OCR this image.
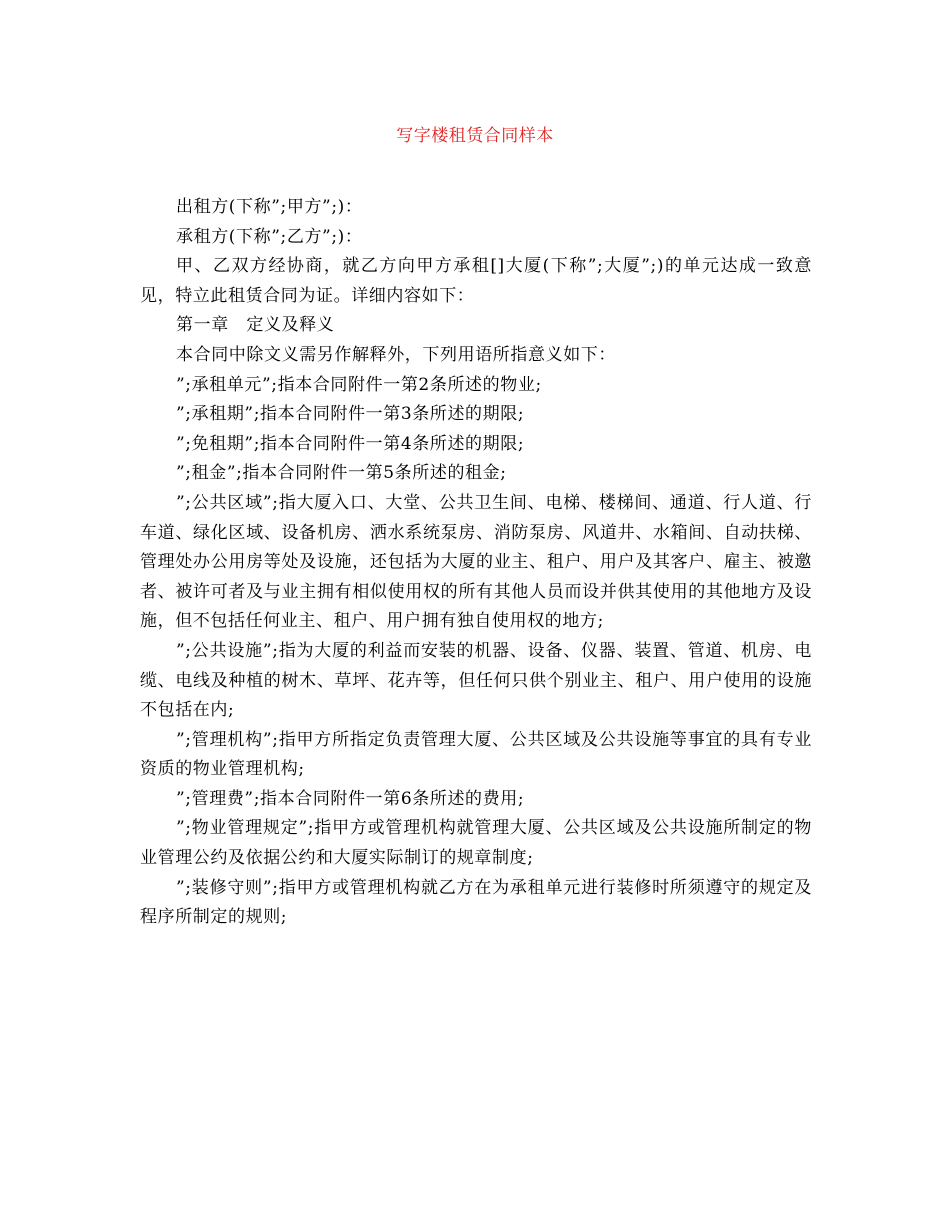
写字楼租赁合同样本

出租方(下称”;甲方”;)：

承租方(下称”;乙方”;)：

甲、乙双方经协商，就乙方向甲方承租[]大厦(下称”;大厦”;)的单元达成一致意见，特立此租赁合同为证。详细内容如下：

第一章　定义及释义

本合同中除文义需另作解释外，下列用语所指意义如下：

”;承租单元”;指本合同附件一第2条所述的物业;

”;承租期”;指本合同附件一第3条所述的期限;

”;免租期”;指本合同附件一第4条所述的期限;

”;租金”;指本合同附件一第5条所述的租金;

”;公共区域”;指大厦入口、大堂、公共卫生间、电梯、楼梯间、通道、行人道、行车道、绿化区域、设备机房、洒水系统泵房、消防泵房、风道井、水箱间、自动扶梯、管理处办公用房等处及设施，还包括为大厦的业主、租户、用户及其客户、雇主、被邀者、被许可者及与业主拥有相似使用权的所有其他人员而设并供其使用的其他地方及设施，但不包括任何业主、租户、用户拥有独自使用权的地方;

”;公共设施”;指为大厦的利益而安装的机器、设备、仪器、装置、管道、机房、电缆、电线及种植的树木、草坪、花卉等，但任何只供个别业主、租户、用户使用的设施不包括在内;

”;管理机构”;指甲方所指定负责管理大厦、公共区域及公共设施等事宜的具有专业资质的物业管理机构;

”;管理费”;指本合同附件一第6条所述的费用;

”;物业管理规定”;指甲方或管理机构就管理大厦、公共区域及公共设施所制定的物业管理公约及依据公约和大厦实际制订的规章制度;

”;装修守则”;指甲方或管理机构就乙方在为承租单元进行装修时所须遵守的规定及程序所制定的规则;
